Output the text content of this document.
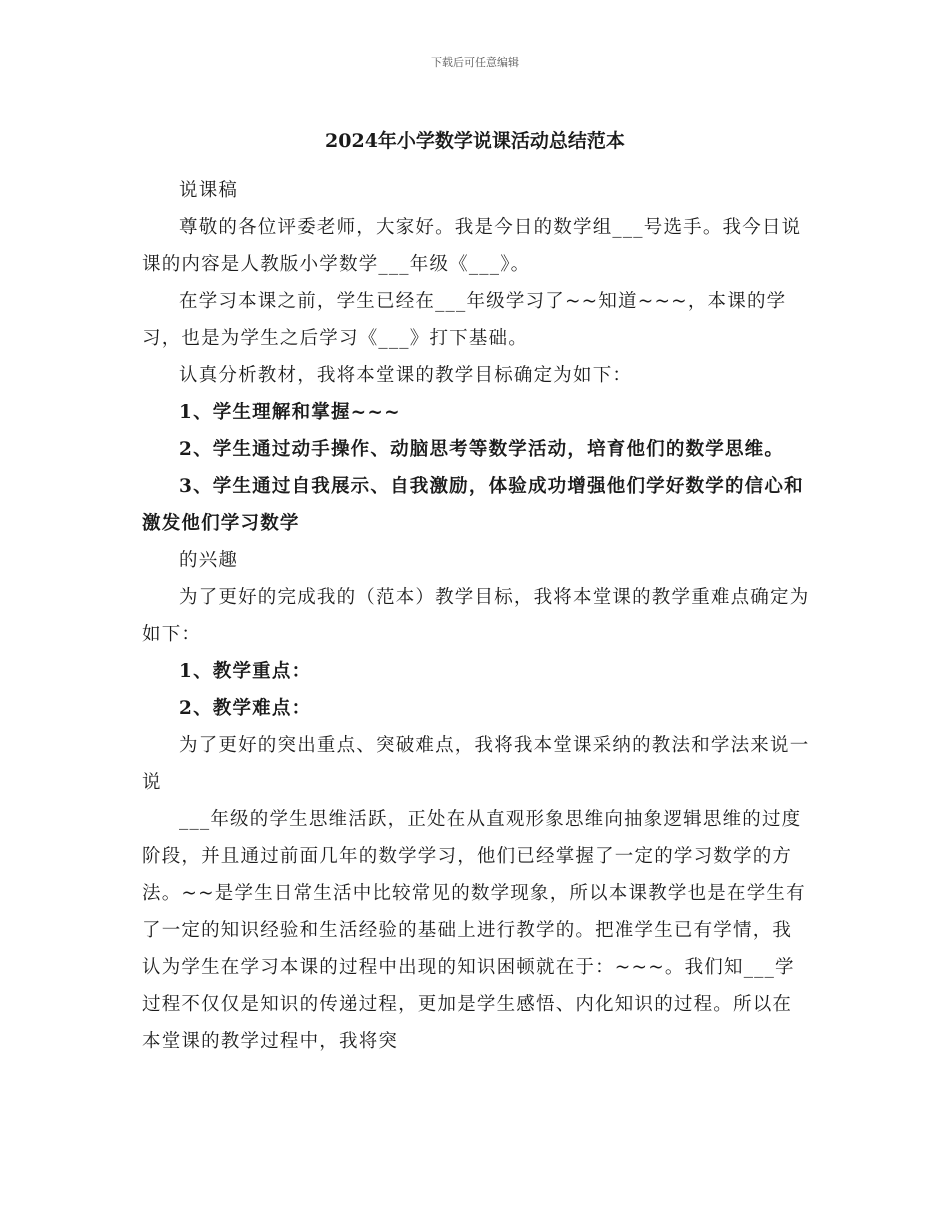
下载后可任意编辑
2024年小学数学说课活动总结范本

说课稿

尊敬的各位评委老师，大家好。我是今日的数学组___号选手。我今日说课的内容是人教版小学数学___年级《___》。

在学习本课之前，学生已经在___年级学习了~~知道~~~，本课的学习，也是为学生之后学习《___》打下基础。

认真分析教材，我将本堂课的教学目标确定为如下：

1、学生理解和掌握~~~

2、学生通过动手操作、动脑思考等数学活动，培育他们的数学思维。

3、学生通过自我展示、自我激励，体验成功增强他们学好数学的信心和激发他们学习数学

的兴趣

为了更好的完成我的（范本）教学目标，我将本堂课的教学重难点确定为如下：

1、教学重点：

2、教学难点：

为了更好的突出重点、突破难点，我将我本堂课采纳的教法和学法来说一说

___年级的学生思维活跃，正处在从直观形象思维向抽象逻辑思维的过度阶段，并且通过前面几年的数学学习，他们已经掌握了一定的学习数学的方法。~~是学生日常生活中比较常见的数学现象，所以本课教学也是在学生有了一定的知识经验和生活经验的基础上进行教学的。把准学生已有学情，我认为学生在学习本课的过程中出现的知识困顿就在于：~~~。我们知___学过程不仅仅是知识的传递过程，更加是学生感悟、内化知识的过程。所以在本堂课的教学过程中，我将突
